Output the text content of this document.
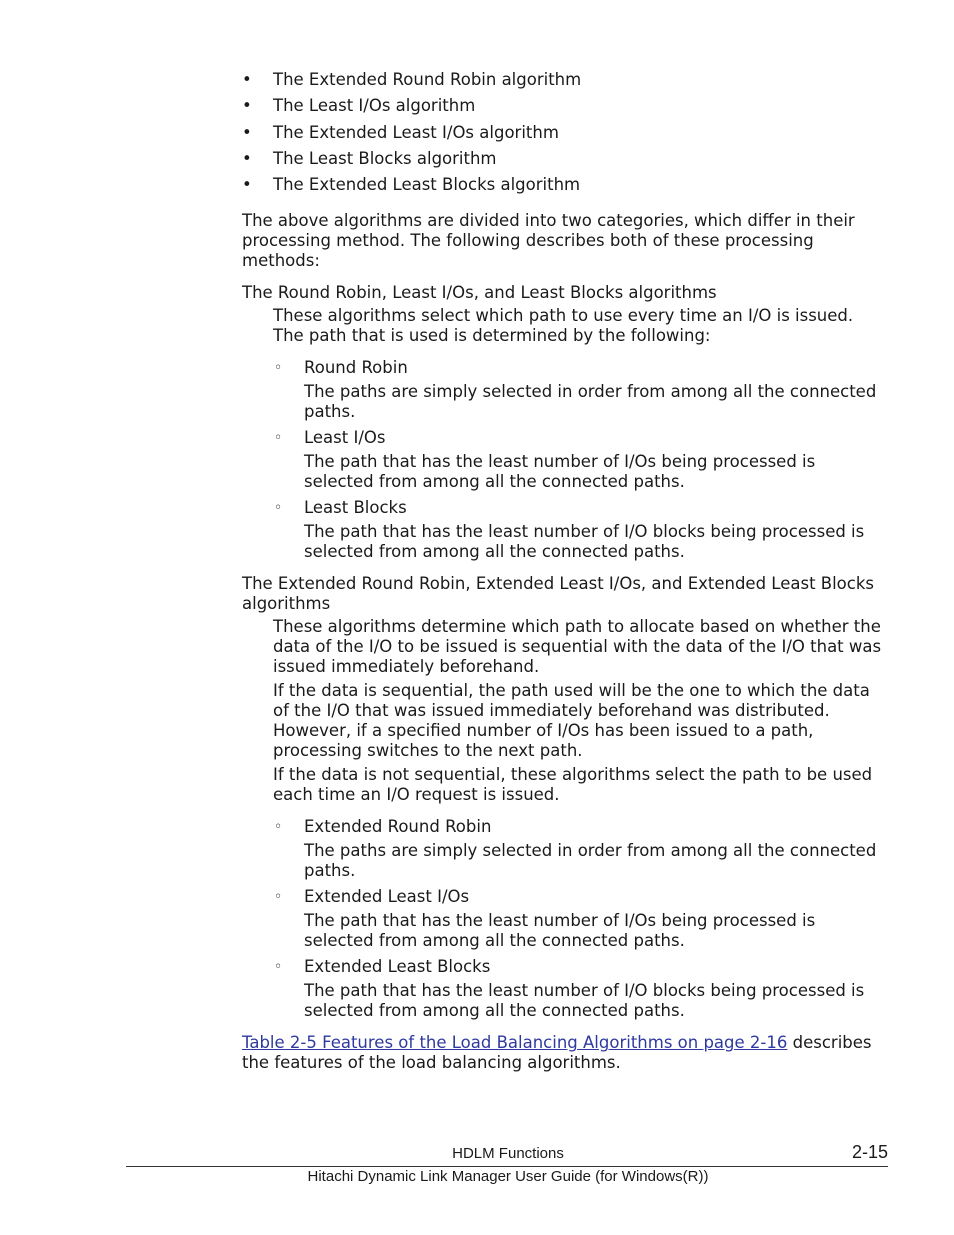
• The Extended Round Robin algorithm
• The Least I/Os algorithm
• The Extended Least I/Os algorithm
• The Least Blocks algorithm
• The Extended Least Blocks algorithm

The above algorithms are divided into two categories, which differ in their processing method. The following describes both of these processing methods:

The Round Robin, Least I/Os, and Least Blocks algorithms

These algorithms select which path to use every time an I/O is issued. The path that is used is determined by the following:

◦ Round Robin

The paths are simply selected in order from among all the connected paths.

◦ Least I/Os

The path that has the least number of I/Os being processed is selected from among all the connected paths.

◦ Least Blocks

The path that has the least number of I/O blocks being processed is selected from among all the connected paths.

The Extended Round Robin, Extended Least I/Os, and Extended Least Blocks algorithms

These algorithms determine which path to allocate based on whether the data of the I/O to be issued is sequential with the data of the I/O that was issued immediately beforehand.

If the data is sequential, the path used will be the one to which the data of the I/O that was issued immediately beforehand was distributed. However, if a specified number of I/Os has been issued to a path, processing switches to the next path.

If the data is not sequential, these algorithms select the path to be used each time an I/O request is issued.

◦ Extended Round Robin

The paths are simply selected in order from among all the connected paths.

◦ Extended Least I/Os

The path that has the least number of I/Os being processed is selected from among all the connected paths.

◦ Extended Least Blocks

The path that has the least number of I/O blocks being processed is selected from among all the connected paths.

Table 2-5 Features of the Load Balancing Algorithms on page 2-16 describes the features of the load balancing algorithms.

HDLM Functions	2-15
Hitachi Dynamic Link Manager User Guide (for Windows(R))
